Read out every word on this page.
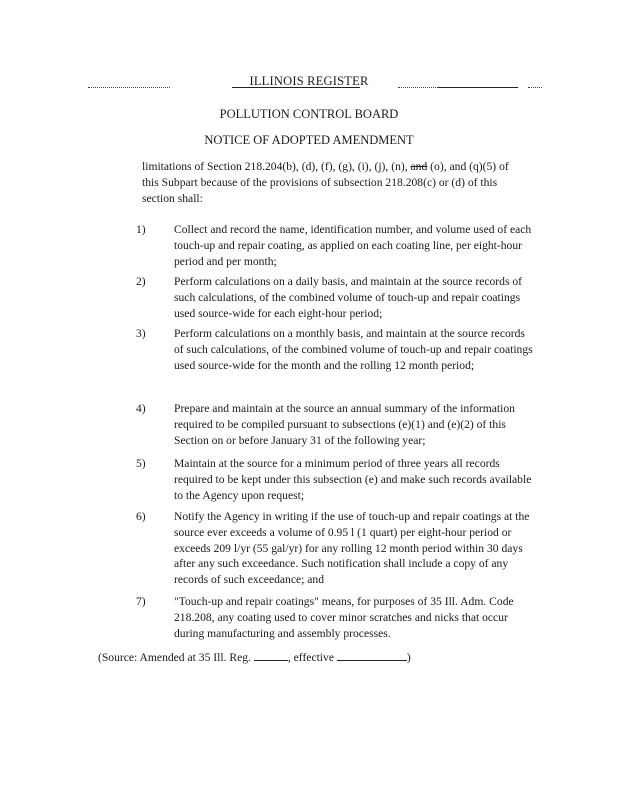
ILLINOIS REGISTER
POLLUTION CONTROL BOARD
NOTICE OF ADOPTED AMENDMENT
limitations of Section 218.204(b), (d), (f), (g), (i), (j), (n), and (o), and (q)(5) of this Subpart because of the provisions of subsection 218.208(c) or (d) of this section shall:
1)	Collect and record the name, identification number, and volume used of each touch-up and repair coating, as applied on each coating line, per eight-hour period and per month;
2)	Perform calculations on a daily basis, and maintain at the source records of such calculations, of the combined volume of touch-up and repair coatings used source-wide for each eight-hour period;
3)	Perform calculations on a monthly basis, and maintain at the source records of such calculations, of the combined volume of touch-up and repair coatings used source-wide for the month and the rolling 12 month period;
4)	Prepare and maintain at the source an annual summary of the information required to be compiled pursuant to subsections (e)(1) and (e)(2) of this Section on or before January 31 of the following year;
5)	Maintain at the source for a minimum period of three years all records required to be kept under this subsection (e) and make such records available to the Agency upon request;
6)	Notify the Agency in writing if the use of touch-up and repair coatings at the source ever exceeds a volume of 0.95 l (1 quart) per eight-hour period or exceeds 209 l/yr (55 gal/yr) for any rolling 12 month period within 30 days after any such exceedance. Such notification shall include a copy of any records of such exceedance; and
7)	"Touch-up and repair coatings" means, for purposes of 35 Ill. Adm. Code 218.208, any coating used to cover minor scratches and nicks that occur during manufacturing and assembly processes.
(Source: Amended at 35 Ill. Reg.	, effective	)
